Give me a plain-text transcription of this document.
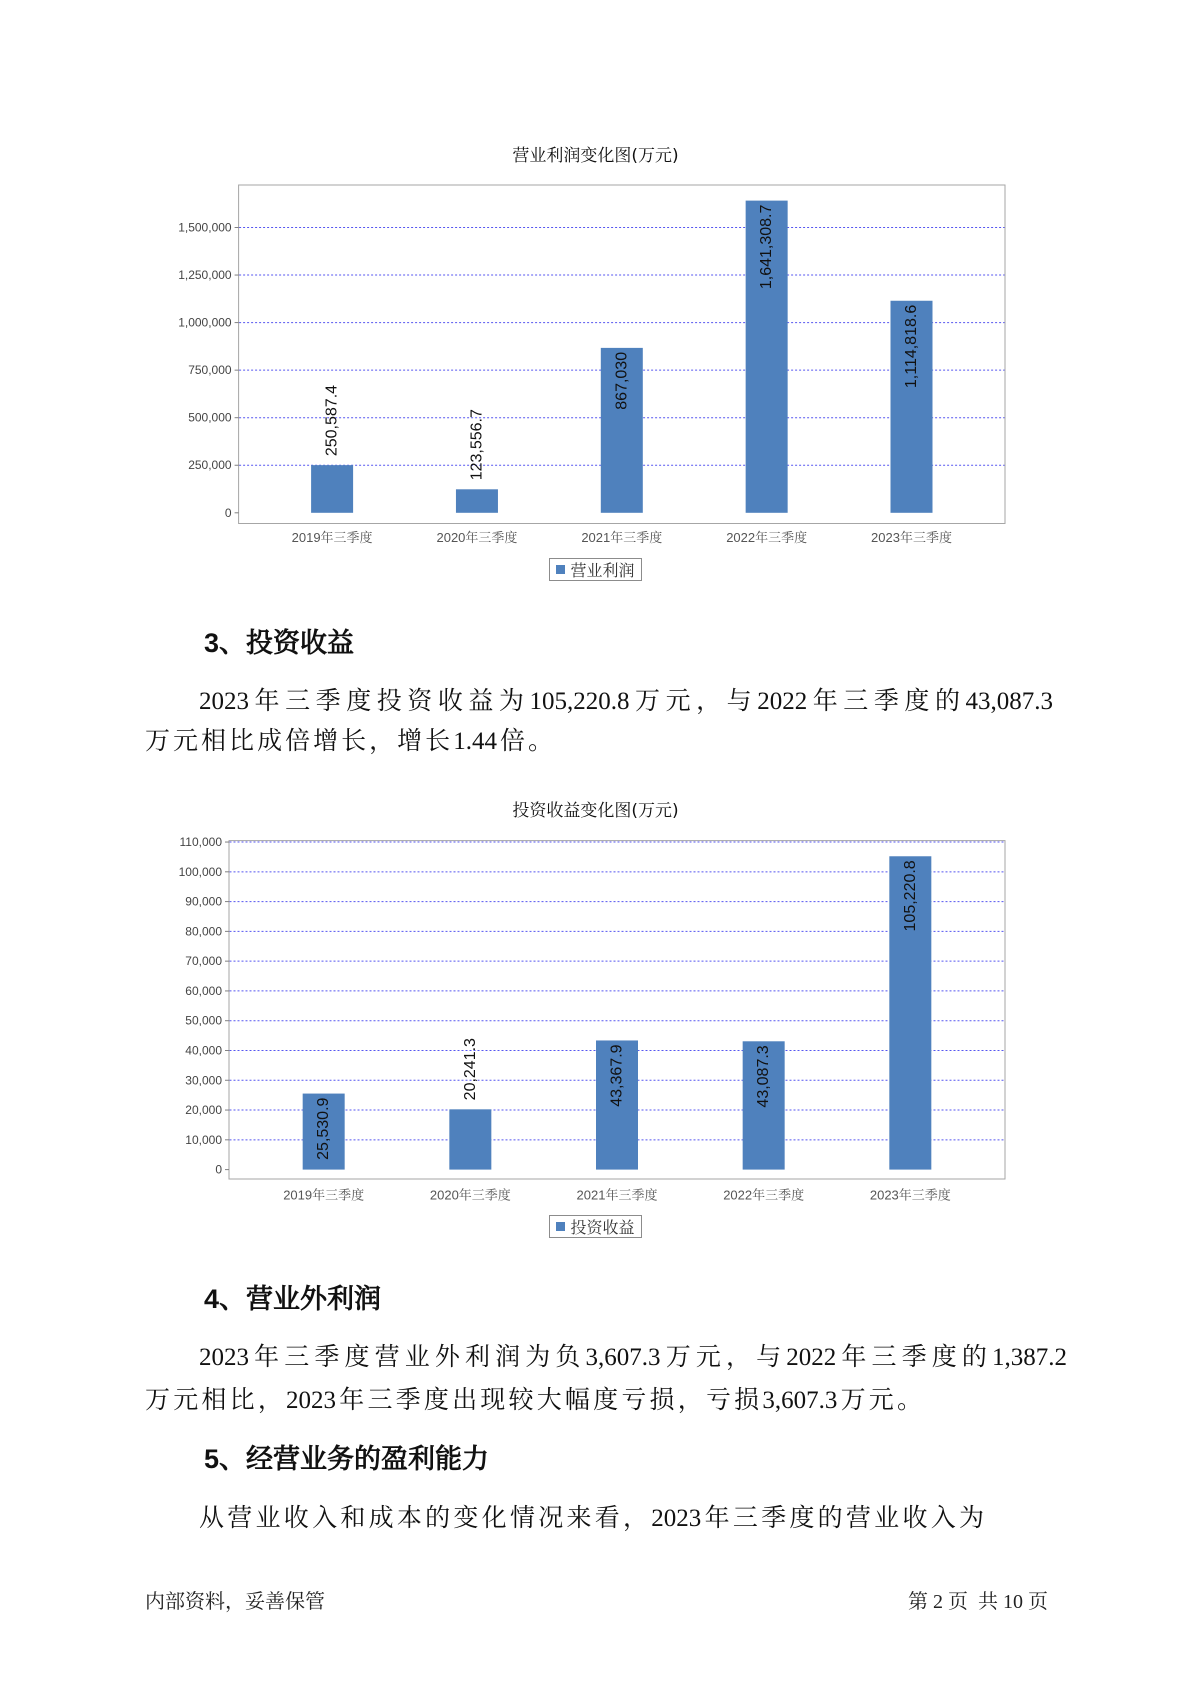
营业利润变化图(万元)
0
250,000
500,000
750,000
1,000,000
1,250,000
1,500,000
250,587.4
2019年三季度
123,556.7
2020年三季度
867,030
2021年三季度
1,641,308.7
2022年三季度
1,114,818.6
2023年三季度
营业利润
3、投资收益
2023年三季度投资收益为105,220.8万元，与2022年三季度的43,087.3
万元相比成倍增长，增长1.44倍。
投资收益变化图(万元)
0
10,000
20,000
30,000
40,000
50,000
60,000
70,000
80,000
90,000
100,000
110,000
25,530.9
2019年三季度
20,241.3
2020年三季度
43,367.9
2021年三季度
43,087.3
2022年三季度
105,220.8
2023年三季度
投资收益
4、营业外利润
2023年三季度营业外利润为负3,607.3万元，与2022年三季度的1,387.2
万元相比，2023年三季度出现较大幅度亏损，亏损3,607.3万元。
5、经营业务的盈利能力
从营业收入和成本的变化情况来看，2023年三季度的营业收入为
内部资料，妥善保管	第 2 页  共 10 页
